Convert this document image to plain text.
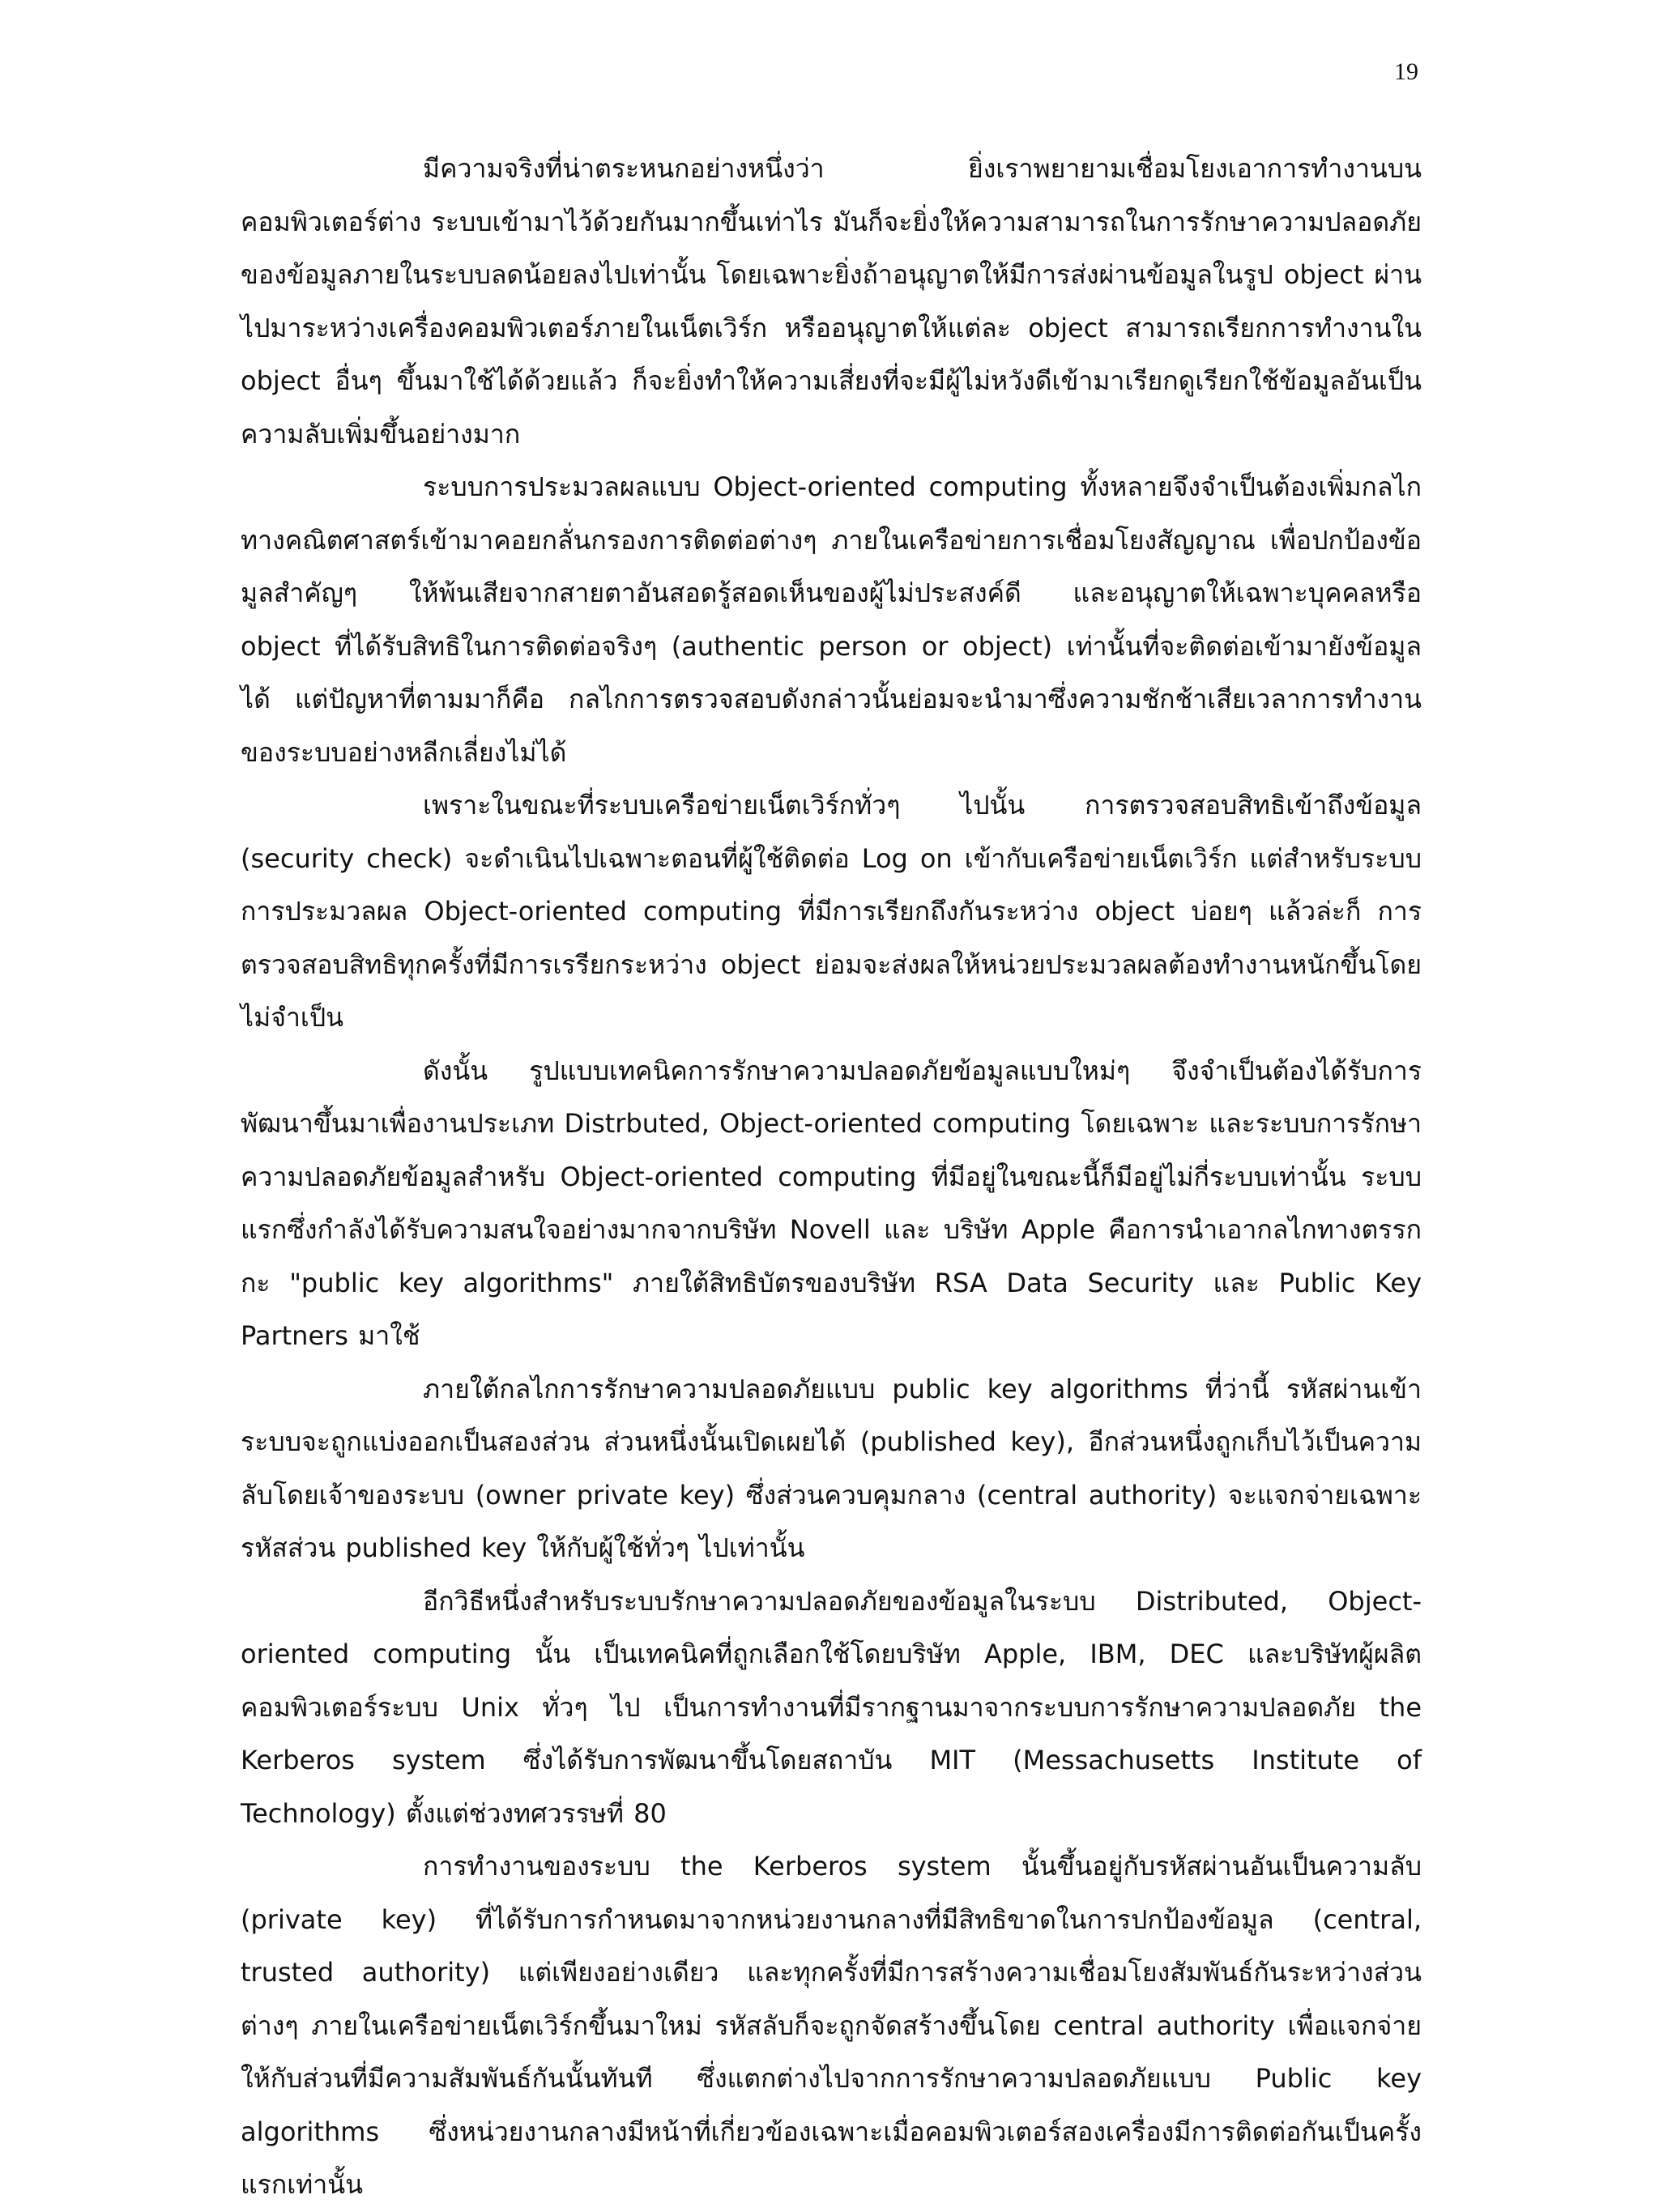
19

มีความจริงที่น่าตระหนกอย่างหนึ่งว่า ยิ่งเราพยายามเชื่อมโยงเอาการทำงานบนคอมพิวเตอร์ต่าง ระบบเข้ามาไว้ด้วยกันมากขึ้นเท่าไร มันก็จะยิ่งให้ความสามารถในการรักษาความปลอดภัยของข้อมูลภายในระบบลดน้อยลงไปเท่านั้น โดยเฉพาะยิ่งถ้าอนุญาตให้มีการส่งผ่านข้อมูลในรูป object ผ่านไปมาระหว่างเครื่องคอมพิวเตอร์ภายในเน็ตเวิร์ก หรืออนุญาตให้แต่ละ object สามารถเรียกการทำงานใน object อื่นๆ ขึ้นมาใช้ได้ด้วยแล้ว ก็จะยิ่งทำให้ความเสี่ยงที่จะมีผู้ไม่หวังดีเข้ามาเรียกดูเรียกใช้ข้อมูลอันเป็นความลับเพิ่มขึ้นอย่างมาก

ระบบการประมวลผลแบบ Object-oriented computing ทั้งหลายจึงจำเป็นต้องเพิ่มกลไกทางคณิตศาสตร์เข้ามาคอยกลั่นกรองการติดต่อต่างๆ ภายในเครือข่ายการเชื่อมโยงสัญญาณ เพื่อปกป้องข้อมูลสำคัญๆ ให้พ้นเสียจากสายตาอันสอดรู้สอดเห็นของผู้ไม่ประสงค์ดี และอนุญาตให้เฉพาะบุคคลหรือ object ที่ได้รับสิทธิในการติดต่อจริงๆ (authentic person or object) เท่านั้นที่จะติดต่อเข้ามายังข้อมูลได้ แต่ปัญหาที่ตามมาก็คือ กลไกการตรวจสอบดังกล่าวนั้นย่อมจะนำมาซึ่งความชักช้าเสียเวลาการทำงานของระบบอย่างหลีกเลี่ยงไม่ได้

เพราะในขณะที่ระบบเครือข่ายเน็ตเวิร์กทั่วๆ ไปนั้น การตรวจสอบสิทธิเข้าถึงข้อมูล (security check) จะดำเนินไปเฉพาะตอนที่ผู้ใช้ติดต่อ Log on เข้ากับเครือข่ายเน็ตเวิร์ก แต่สำหรับระบบการประมวลผล Object-oriented computing ที่มีการเรียกถึงกันระหว่าง object บ่อยๆ แล้วล่ะก็ การตรวจสอบสิทธิทุกครั้งที่มีการเรรียกระหว่าง object ย่อมจะส่งผลให้หน่วยประมวลผลต้องทำงานหนักขึ้นโดยไม่จำเป็น

ดังนั้น รูปแบบเทคนิคการรักษาความปลอดภัยข้อมูลแบบใหม่ๆ จึงจำเป็นต้องได้รับการพัฒนาขึ้นมาเพื่องานประเภท Distrbuted, Object-oriented computing โดยเฉพาะ และระบบการรักษาความปลอดภัยข้อมูลสำหรับ Object-oriented computing ที่มีอยู่ในขณะนี้ก็มีอยู่ไม่กี่ระบบเท่านั้น ระบบแรกซึ่งกำลังได้รับความสนใจอย่างมากจากบริษัท Novell และ บริษัท Apple คือการนำเอากลไกทางตรรกกะ "public key algorithms" ภายใต้สิทธิบัตรของบริษัท RSA Data Security และ Public Key Partners มาใช้

ภายใต้กลไกการรักษาความปลอดภัยแบบ public key algorithms ที่ว่านี้ รหัสผ่านเข้าระบบจะถูกแบ่งออกเป็นสองส่วน ส่วนหนึ่งนั้นเปิดเผยได้ (published key), อีกส่วนหนึ่งถูกเก็บไว้เป็นความลับโดยเจ้าของระบบ (owner private key) ซึ่งส่วนควบคุมกลาง (central authority) จะแจกจ่ายเฉพาะรหัสส่วน published key ให้กับผู้ใช้ทั่วๆ ไปเท่านั้น

อีกวิธีหนึ่งสำหรับระบบรักษาความปลอดภัยของข้อมูลในระบบ Distributed, Object-oriented computing นั้น เป็นเทคนิคที่ถูกเลือกใช้โดยบริษัท Apple, IBM, DEC และบริษัทผู้ผลิตคอมพิวเตอร์ระบบ Unix ทั่วๆ ไป เป็นการทำงานที่มีรากฐานมาจากระบบการรักษาความปลอดภัย the Kerberos system ซึ่งได้รับการพัฒนาขึ้นโดยสถาบัน MIT (Messachusetts Institute of Technology) ตั้งแต่ช่วงทศวรรษที่ 80

การทำงานของระบบ the Kerberos system นั้นขึ้นอยู่กับรหัสผ่านอันเป็นความลับ (private key) ที่ได้รับการกำหนดมาจากหน่วยงานกลางที่มีสิทธิขาดในการปกป้องข้อมูล (central, trusted authority) แต่เพียงอย่างเดียว และทุกครั้งที่มีการสร้างความเชื่อมโยงสัมพันธ์กันระหว่างส่วนต่างๆ ภายในเครือข่ายเน็ตเวิร์กขึ้นมาใหม่ รหัสลับก็จะถูกจัดสร้างขึ้นโดย central authority เพื่อแจกจ่ายให้กับส่วนที่มีความสัมพันธ์กันนั้นทันที ซึ่งแตกต่างไปจากการรักษาความปลอดภัยแบบ Public key algorithms ซึ่งหน่วยงานกลางมีหน้าที่เกี่ยวข้องเฉพาะเมื่อคอมพิวเตอร์สองเครื่องมีการติดต่อกันเป็นครั้งแรกเท่านั้น
